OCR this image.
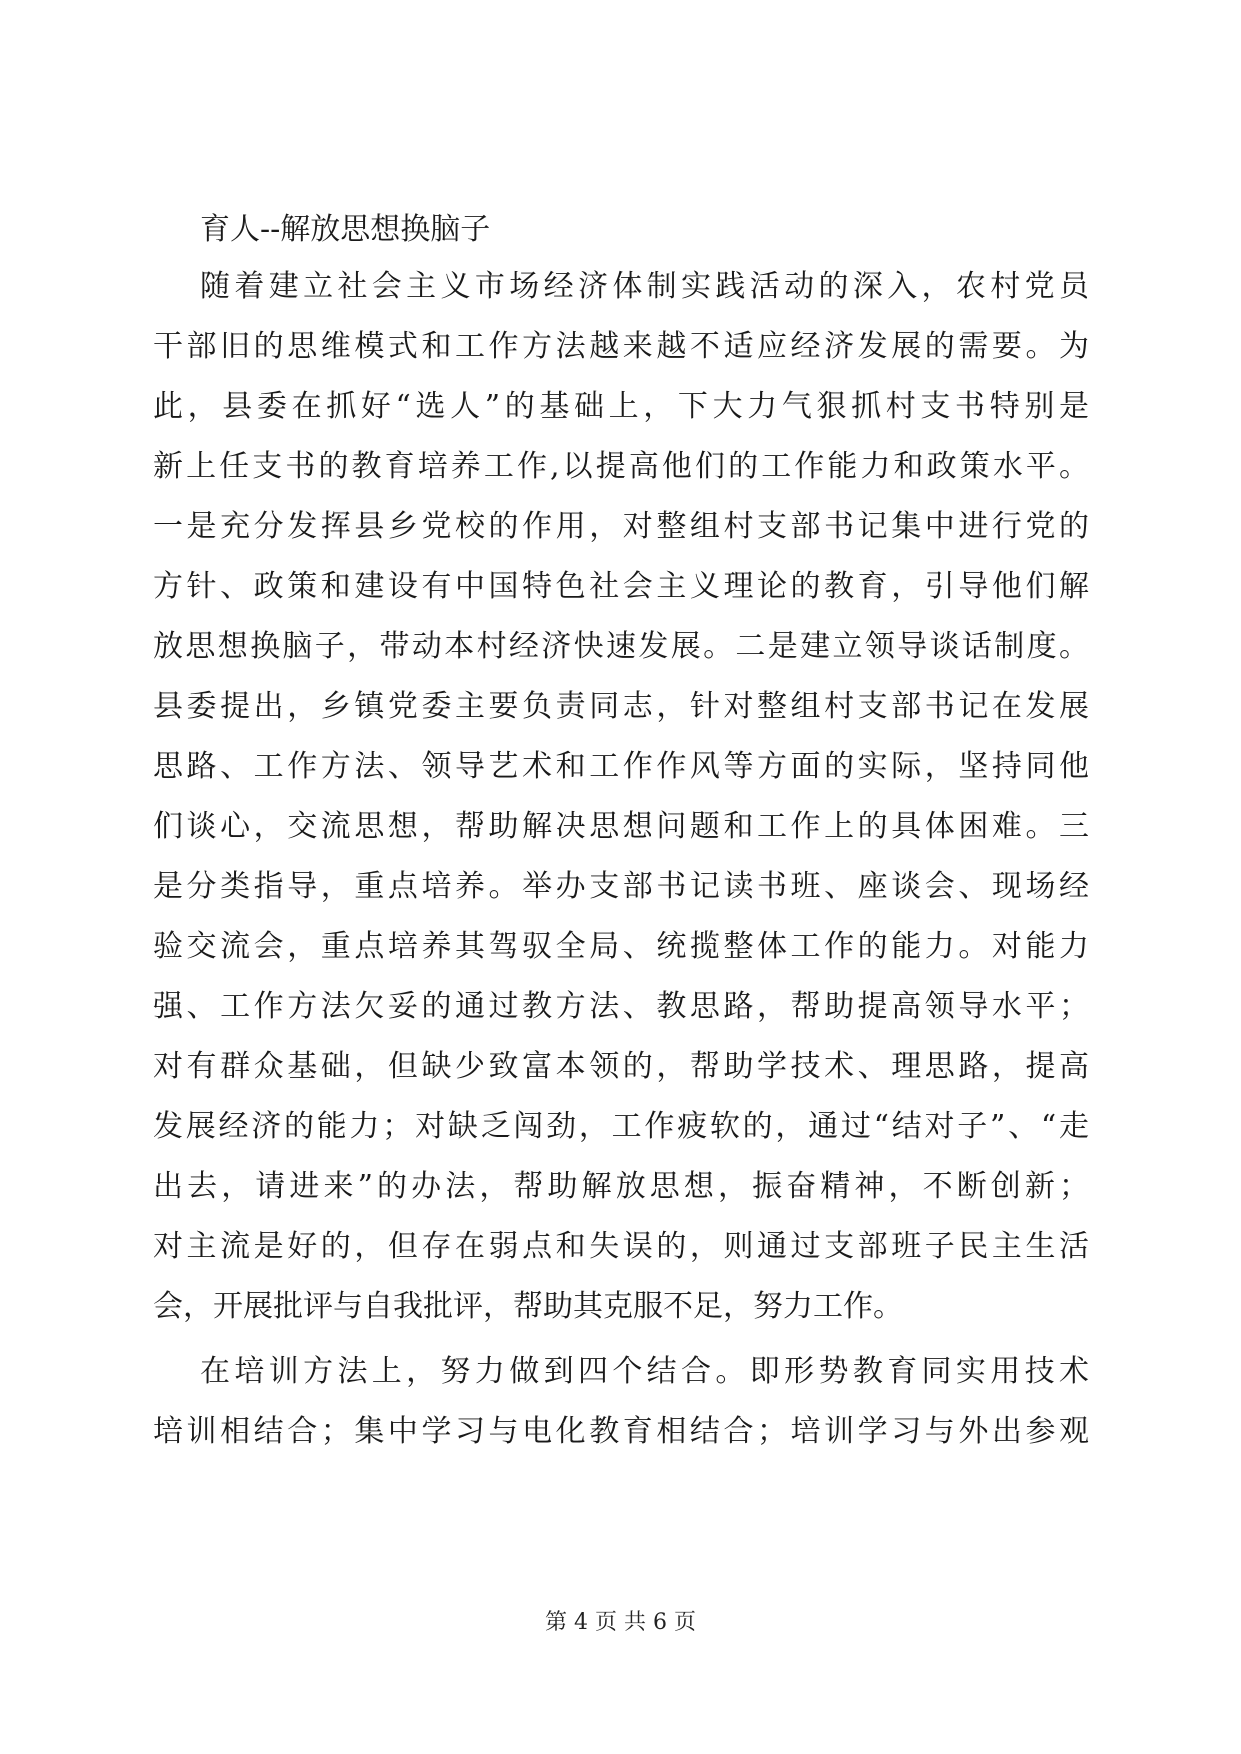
育人--解放思想换脑子
随着建立社会主义市场经济体制实践活动的深入，农村党员
干部旧的思维模式和工作方法越来越不适应经济发展的需要。为
此，县委在抓好“选人”的基础上，下大力气狠抓村支书特别是
新上任支书的教育培养工作,以提高他们的工作能力和政策水平。
一是充分发挥县乡党校的作用，对整组村支部书记集中进行党的
方针、政策和建设有中国特色社会主义理论的教育，引导他们解
放思想换脑子，带动本村经济快速发展。二是建立领导谈话制度。
县委提出，乡镇党委主要负责同志，针对整组村支部书记在发展
思路、工作方法、领导艺术和工作作风等方面的实际，坚持同他
们谈心，交流思想，帮助解决思想问题和工作上的具体困难。三
是分类指导，重点培养。举办支部书记读书班、座谈会、现场经
验交流会，重点培养其驾驭全局、统揽整体工作的能力。对能力
强、工作方法欠妥的通过教方法、教思路，帮助提高领导水平；
对有群众基础，但缺少致富本领的，帮助学技术、理思路，提高
发展经济的能力；对缺乏闯劲，工作疲软的，通过“结对子”、“走
出去，请进来”的办法，帮助解放思想，振奋精神，不断创新；
对主流是好的，但存在弱点和失误的，则通过支部班子民主生活
会，开展批评与自我批评，帮助其克服不足，努力工作。
在培训方法上，努力做到四个结合。即形势教育同实用技术
培训相结合；集中学习与电化教育相结合；培训学习与外出参观
第 4 页 共 6 页
